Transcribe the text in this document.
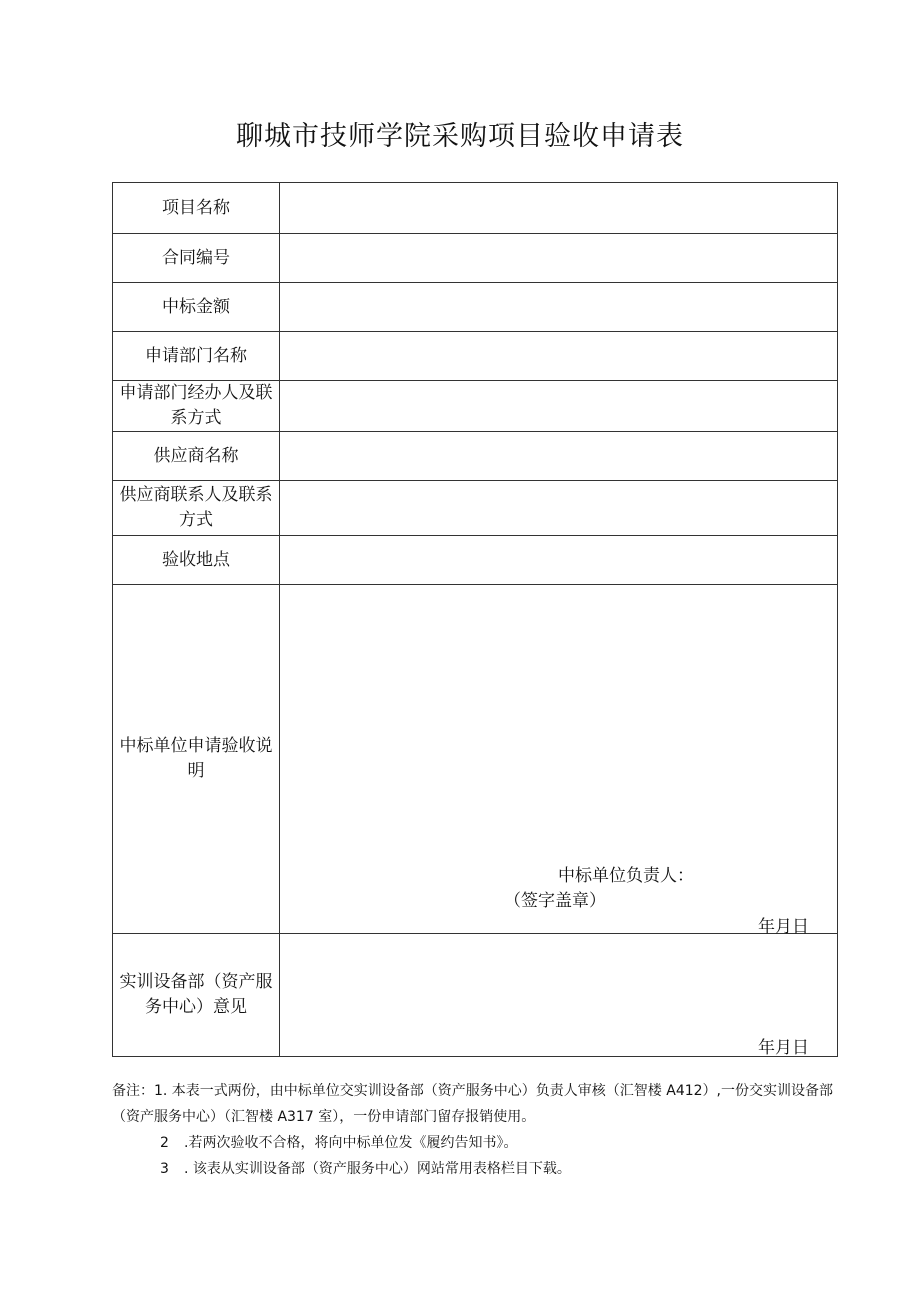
聊城市技师学院采购项目验收申请表
项目名称	
合同编号	
中标金额	
申请部门名称	
申请部门经办人及联系方式	
供应商名称	
供应商联系人及联系方式	
验收地点	
中标单位申请验收说明	中标单位负责人：
（签字盖章）
年月日

实训设备部（资产服务中心）意见	年月日
备注：1. 本表一式两份，由中标单位交实训设备部（资产服务中心）负责人审核（汇智楼 A412）,一份交实训设备部（资产服务中心）（汇智楼 A317 室），一份申请部门留存报销使用。
2 .若两次验收不合格，将向中标单位发《履约告知书》。
3 . 该表从实训设备部（资产服务中心）网站常用表格栏目下载。
